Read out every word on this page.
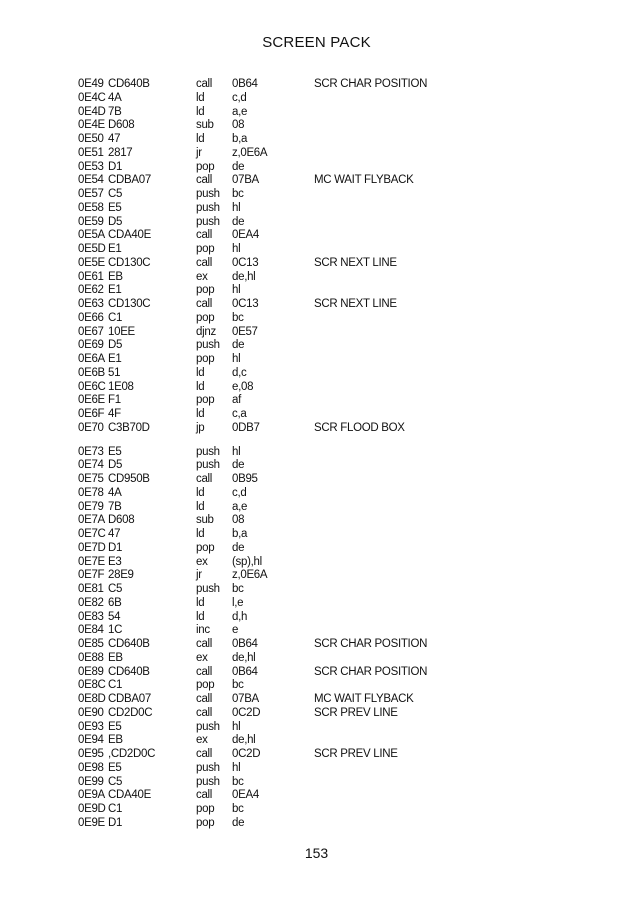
SCREEN PACK
0E49 CD640B	call 0B64	SCR CHAR POSITION
0E4C 4A	ld c,d
0E4D 7B	ld a,e
0E4E D608	sub 08
0E50 47	ld b,a
0E51 2817	jr	z,0E6A
0E53 D1	pop de
0E54 CDBA07	call 07BA	MC WAIT FLYBACK
0E57 C5	push bc
0E58 E5	push hl
0E59 D5	push de
0E5A CDA40E	call 0EA4
0E5D E1	pop hl
0E5E CD130C	call 0C13	SCR NEXT LINE
0E61 EB	ex de,hl
0E62 E1	pop hl
0E63 CD130C	call 0C13	SCR NEXT LINE
0E66 C1	pop bc
0E67 10EE	djnz 0E57
0E69 D5	push de
0E6A E1	pop hl
0E6B 51	ld d,c
0E6C 1E08	ld e,08
0E6E F1	pop af
0E6F 4F	ld c,a
0E70 C3B70D	jp 0DB7	SCR FLOOD BOX
0E73 E5	push hl
0E74 D5	push de
0E75 CD950B	call 0B95
0E78 4A	ld c,d
0E79 7B	ld a,e
0E7A D608	sub 08
0E7C 47	ld b,a
0E7D D1	pop de
0E7E E3	ex (sp),hl
0E7F 28E9	jr	z,0E6A
0E81 C5	push bc
0E82 6B	ld l,e
0E83 54	ld d,h
0E84 1C	inc e
0E85 CD640B	call 0B64	SCR CHAR POSITION
0E88 EB	ex de,hl
0E89 CD640B	call 0B64	SCR CHAR POSITION
0E8C C1	pop bc
0E8D CDBA07	call 07BA	MC WAIT FLYBACK
0E90 CD2D0C	call 0C2D	SCR PREV LINE
0E93 E5	push hl
0E94 EB	ex de,hl
0E95 ,CD2D0C	call 0C2D	SCR PREV LINE
0E98 E5	push hl
0E99 C5	push bc
0E9A CDA40E	call 0EA4
0E9D C1	pop bc
0E9E D1	pop de
153
